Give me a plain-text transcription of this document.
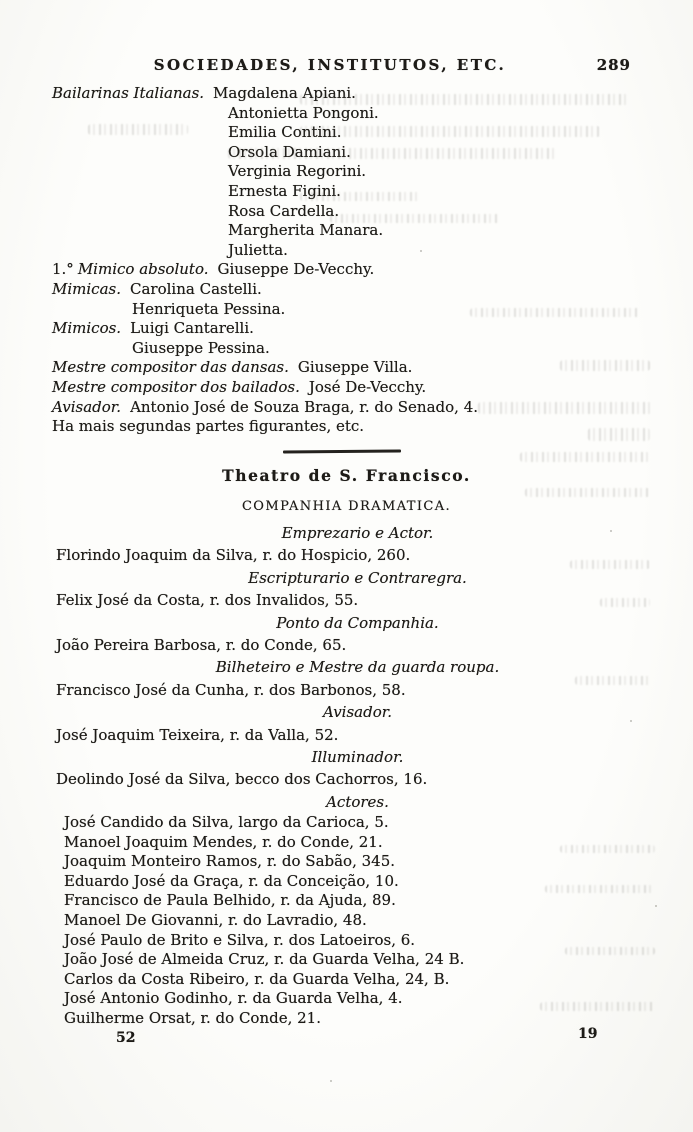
SOCIEDADES, INSTITUTOS, ETC.	289
Bailarinas Italianas. Magdalena Apiani.
Antonietta Pongoni.
Emilia Contini.
Orsola Damiani.
Verginia Regorini.
Ernesta Figini.
Rosa Cardella.
Margherita Manara.
Julietta.
1.° Mimico absoluto. Giuseppe De-Vecchy.
Mimicas. Carolina Castelli.
Henriqueta Pessina.
Mimicos. Luigi Cantarelli.
Giuseppe Pessina.
Mestre compositor das dansas. Giuseppe Villa.
Mestre compositor dos bailados. José De-Vecchy.
Avisador. Antonio José de Souza Braga, r. do Senado, 4.
Ha mais segundas partes figurantes, etc.
Theatro de S. Francisco.
COMPANHIA DRAMATICA.
Emprezario e Actor.
Florindo Joaquim da Silva, r. do Hospicio, 260.
Escripturario e Contraregra.
Felix José da Costa, r. dos Invalidos, 55.
Ponto da Companhia.
João Pereira Barbosa, r. do Conde, 65.
Bilheteiro e Mestre da guarda roupa.
Francisco José da Cunha, r. dos Barbonos, 58.
Avisador.
José Joaquim Teixeira, r. da Valla, 52.
Illuminador.
Deolindo José da Silva, becco dos Cachorros, 16.
Actores.
José Candido da Silva, largo da Carioca, 5.
Manoel Joaquim Mendes, r. do Conde, 21.
Joaquim Monteiro Ramos, r. do Sabão, 345.
Eduardo José da Graça, r. da Conceição, 10.
Francisco de Paula Belhido, r. da Ajuda, 89.
Manoel De Giovanni, r. do Lavradio, 48.
José Paulo de Brito e Silva, r. dos Latoeiros, 6.
João José de Almeida Cruz, r. da Guarda Velha, 24 B.
Carlos da Costa Ribeiro, r. da Guarda Velha, 24, B.
José Antonio Godinho, r. da Guarda Velha, 4.
Guilherme Orsat, r. do Conde, 21.
52	19
